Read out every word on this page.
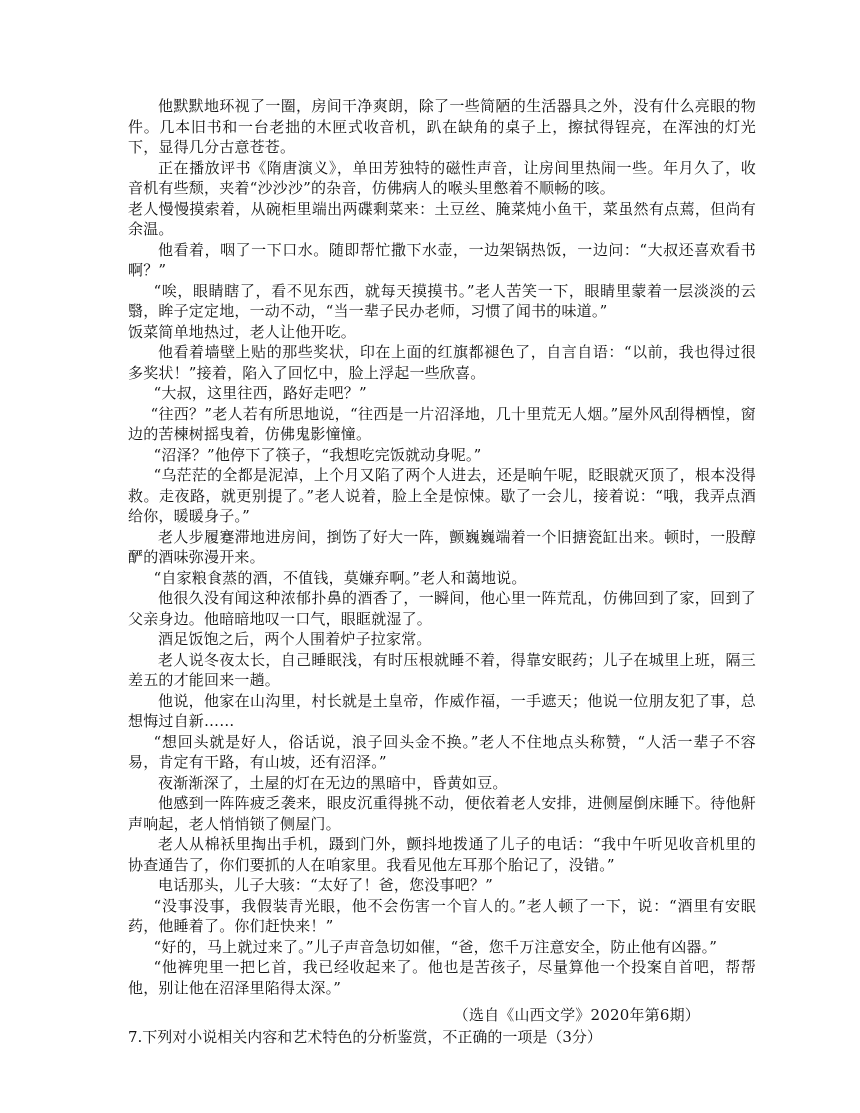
他默默地环视了一圈，房间干净爽朗，除了一些简陋的生活器具之外，没有什么亮眼的物件。几本旧书和一台老拙的木匣式收音机，趴在缺角的桌子上，擦拭得锃亮，在浑浊的灯光下，显得几分古意苍苍。

正在播放评书《隋唐演义》，单田芳独特的磁性声音，让房间里热闹一些。年月久了，收音机有些颓，夹着“沙沙沙”的杂音，仿佛病人的喉头里憋着不顺畅的咳。

老人慢慢摸索着，从碗柜里端出两碟剩菜来：土豆丝、腌菜炖小鱼干，菜虽然有点蔫，但尚有余温。

他看着，咽了一下口水。随即帮忙撒下水壶，一边架锅热饭，一边问：“大叔还喜欢看书啊？”

“唉，眼睛瞎了，看不见东西，就每天摸摸书。”老人苦笑一下，眼睛里蒙着一层淡淡的云翳，眸子定定地，一动不动，“当一辈子民办老师，习惯了闻书的味道。”

饭菜简单地热过，老人让他开吃。

他看着墙壁上贴的那些奖状，印在上面的红旗都褪色了，自言自语：“以前，我也得过很多奖状！”接着，陷入了回忆中，脸上浮起一些欣喜。

“大叔，这里往西，路好走吧？”

“往西？”老人若有所思地说，“往西是一片沼泽地，几十里荒无人烟。”屋外风刮得栖惶，窗边的苦楝树摇曳着，仿佛鬼影憧憧。

“沼泽？”他停下了筷子，“我想吃完饭就动身呢。”

“乌茫茫的全都是泥淖，上个月又陷了两个人进去，还是晌午呢，眨眼就灭顶了，根本没得救。走夜路，就更别提了。”老人说着，脸上全是惊悚。歇了一会儿，接着说：“哦，我弄点酒给你，暖暖身子。”

老人步履蹇滞地进房间，捯饬了好大一阵，颤巍巍端着一个旧搪瓷缸出来。顿时，一股醇酽的酒味弥漫开来。

“自家粮食蒸的酒，不值钱，莫嫌弃啊。”老人和蔼地说。

他很久没有闻这种浓郁扑鼻的酒香了，一瞬间，他心里一阵荒乱，仿佛回到了家，回到了父亲身边。他暗暗地叹一口气，眼眶就湿了。

酒足饭饱之后，两个人围着炉子拉家常。

老人说冬夜太长，自己睡眠浅，有时压根就睡不着，得靠安眠药；儿子在城里上班，隔三差五的才能回来一趟。

他说，他家在山沟里，村长就是土皇帝，作威作福，一手遮天；他说一位朋友犯了事，总想悔过自新……

“想回头就是好人，俗话说，浪子回头金不换。”老人不住地点头称赞，“人活一辈子不容易，肯定有干路，有山坡，还有沼泽。”

夜渐渐深了，土屋的灯在无边的黑暗中，昏黄如豆。

他感到一阵阵疲乏袭来，眼皮沉重得挑不动，便依着老人安排，进侧屋倒床睡下。待他鼾声响起，老人悄悄锁了侧屋门。

老人从棉袄里掏出手机，蹑到门外，颤抖地拨通了儿子的电话：“我中午听见收音机里的协查通告了，你们要抓的人在咱家里。我看见他左耳那个胎记了，没错。”

电话那头，儿子大骇：“太好了！爸，您没事吧？”

“没事没事，我假装青光眼，他不会伤害一个盲人的。”老人顿了一下，说：“酒里有安眠药，他睡着了。你们赶快来！”

“好的，马上就过来了。”儿子声音急切如催，“爸，您千万注意安全，防止他有凶器。”

“他裤兜里一把匕首，我已经收起来了。他也是苦孩子，尽量算他一个投案自首吧，帮帮他，别让他在沼泽里陷得太深。”

（选自《山西文学》2020年第6期）

7.下列对小说相关内容和艺术特色的分析鉴赏，不正确的一项是（3分）
